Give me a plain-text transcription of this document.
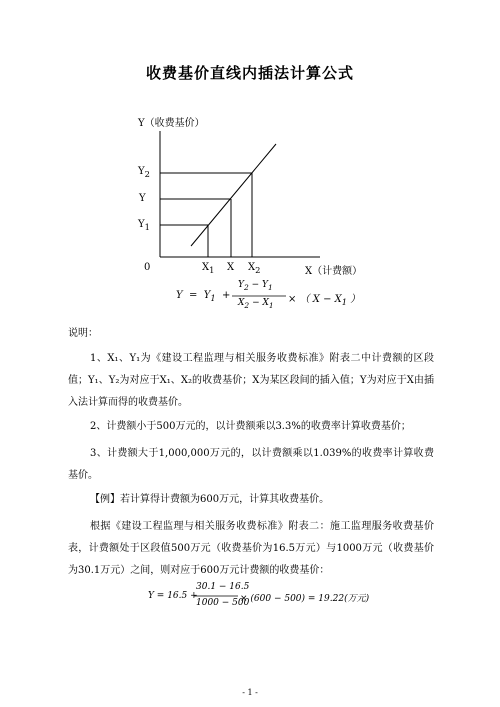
收费基价直线内插法计算公式
Y（收费基价）
X（计费额）
0
$Y_2$
Y
$Y_1$
$X_1$ X $X_2$
$Y = Y_1$ +
$Y_2 - Y_1$
$X_2 - X_1$
× （ $X - X_1$ ）
说明：
1、X₁、Y₁为《建设工程监理与相关服务收费标准》附表二中计费额的区段值；Y₁、Y₂为对应于X₁、X₂的收费基价；X为某区段间的插入值；Y为对应于X由插入法计算而得的收费基价。
2、计费额小于500万元的，以计费额乘以3.3%的收费率计算收费基价；
3、计费额大于1,000,000万元的，以计费额乘以1.039%的收费率计算收费基价。
【例】若计算得计费额为600万元，计算其收费基价。
根据《建设工程监理与相关服务收费标准》附表二：施工监理服务收费基价表，计费额处于区段值500万元（收费基价为16.5万元）与1000万元（收费基价为30.1万元）之间，则对应于600万元计费额的收费基价：
Y = 16.5 +
30.1 − 16.5
1000 − 500
× (600 − 500) = 19.22(万元)
- 1 -
